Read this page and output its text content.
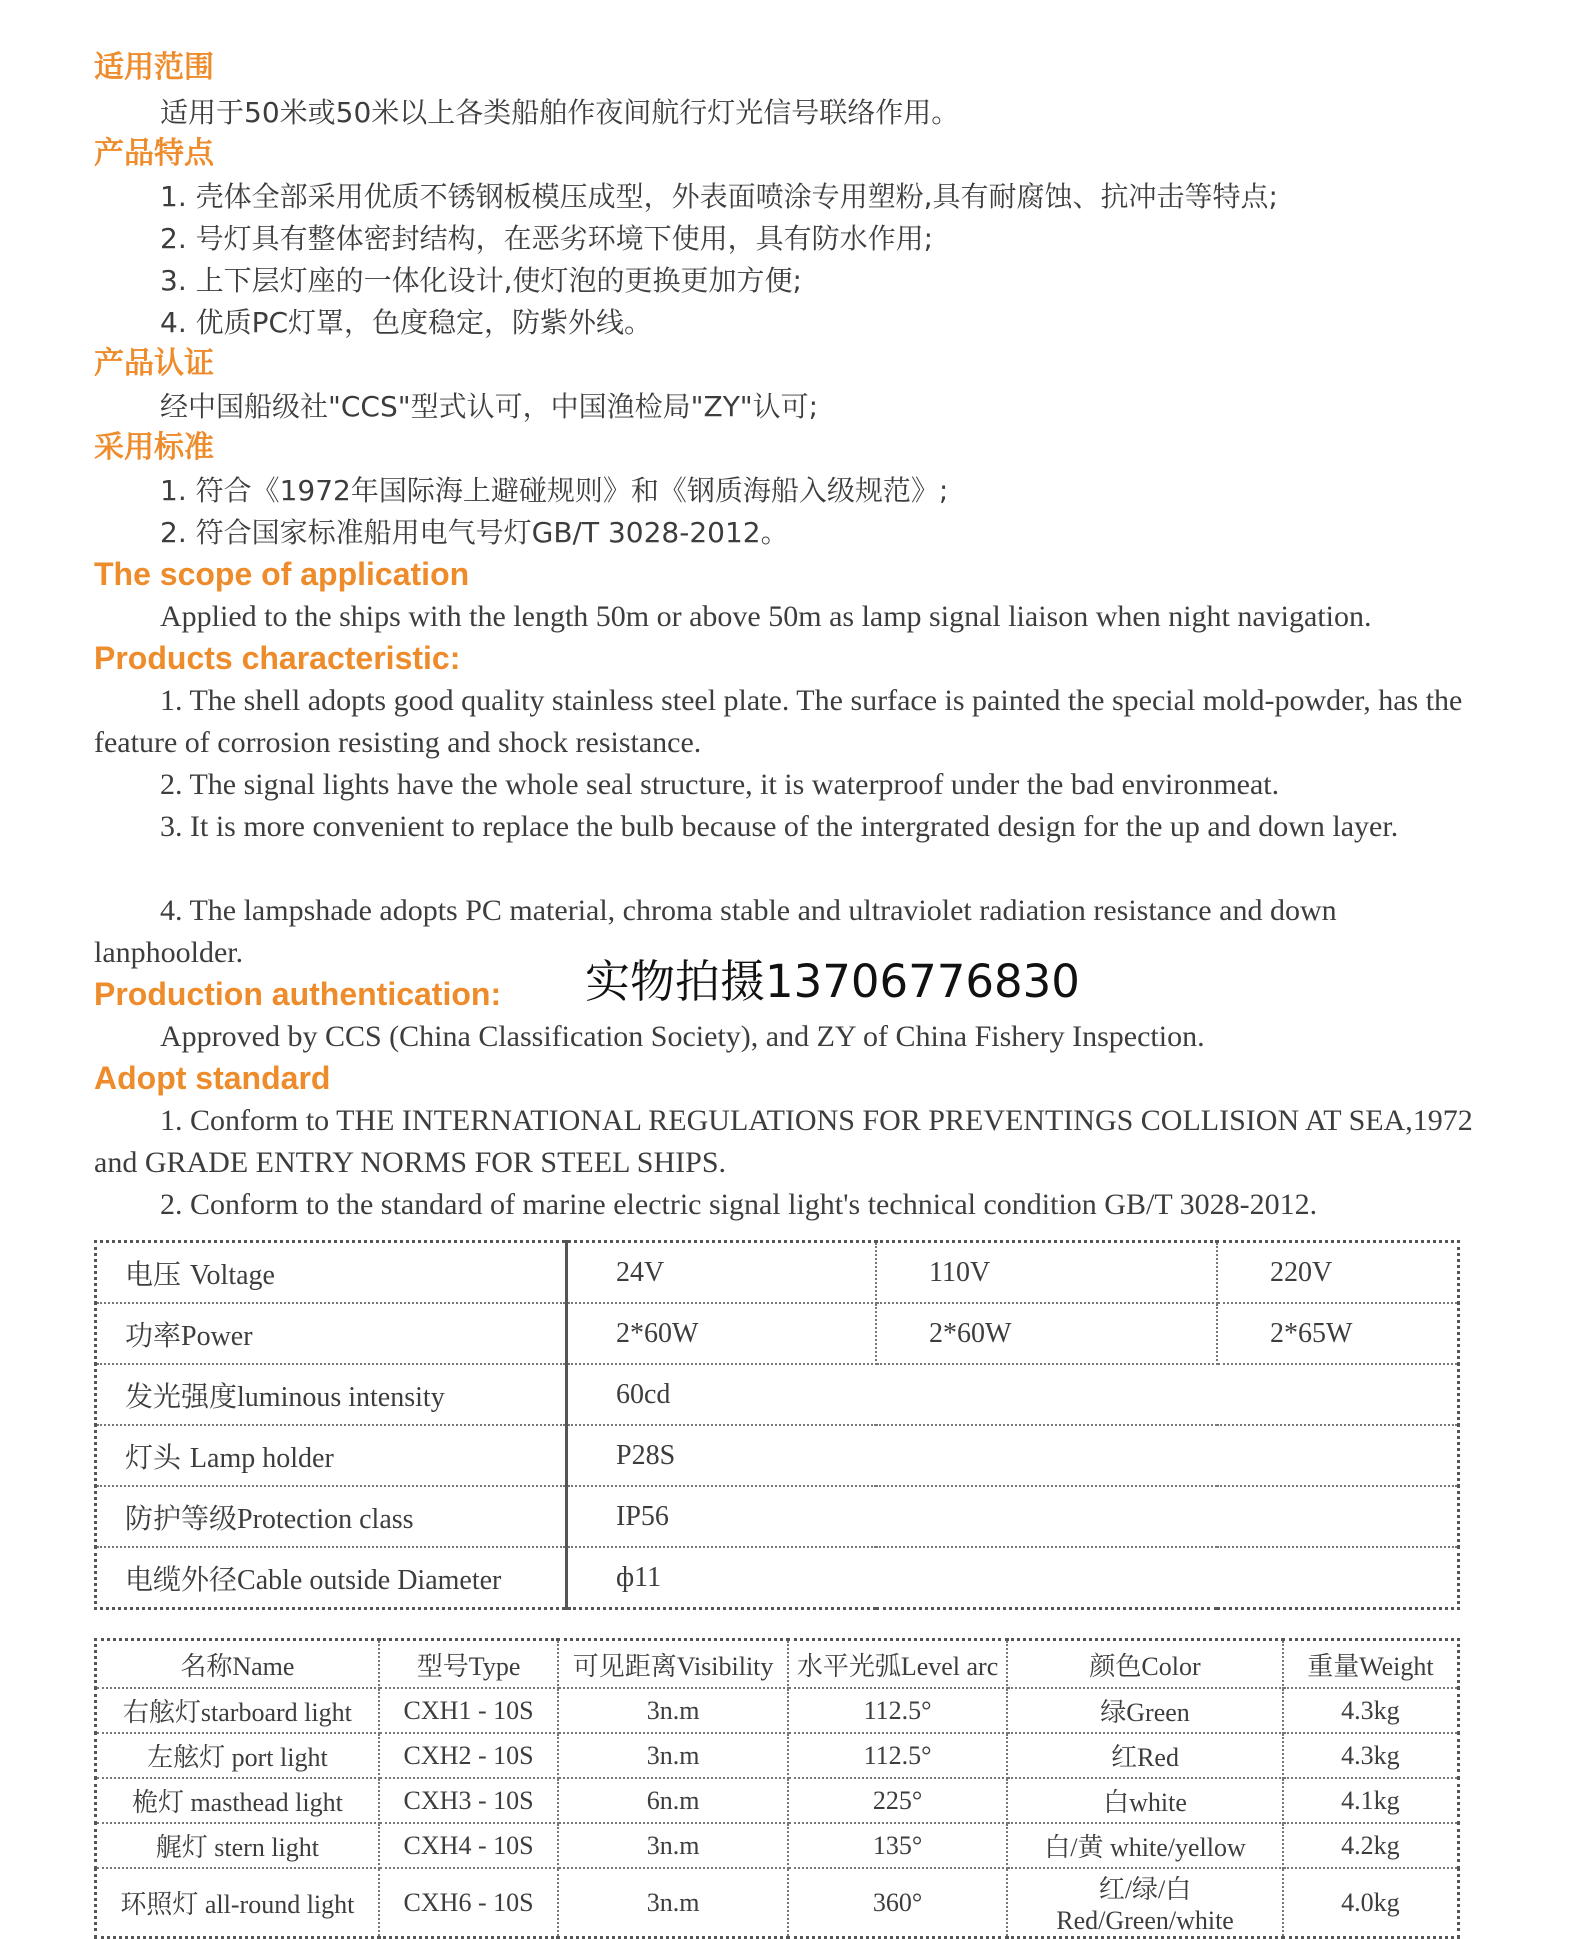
适用范围
适用于50米或50米以上各类船舶作夜间航行灯光信号联络作用。
产品特点
1. 壳体全部采用优质不锈钢板模压成型，外表面喷涂专用塑粉,具有耐腐蚀、抗冲击等特点;
2. 号灯具有整体密封结构，在恶劣环境下使用，具有防水作用;
3. 上下层灯座的一体化设计,使灯泡的更换更加方便;
4. 优质PC灯罩，色度稳定，防紫外线。
产品认证
经中国船级社"CCS"型式认可，中国渔检局"ZY"认可;
采用标准
1. 符合《1972年国际海上避碰规则》和《钢质海船入级规范》;
2. 符合国家标准船用电气号灯GB/T 3028-2012。
The scope of application
Applied to the ships with the length 50m or above 50m as lamp signal liaison when night navigation.
Products characteristic:
1. The shell adopts good quality stainless steel plate. The surface is painted the special mold-powder, has the feature of corrosion resisting and shock resistance.
2. The signal lights have the whole seal structure, it is waterproof under the bad environmeat.
3. It is more convenient to replace the bulb because of the intergrated design for the up and down layer.
4. The lampshade adopts PC material, chroma stable and ultraviolet radiation resistance and down lanphoolder.
Production authentication: 实物拍摄13706776830
Approved by CCS (China Classification Society), and ZY of China Fishery Inspection.
Adopt standard
1. Conform to THE INTERNATIONAL REGULATIONS FOR PREVENTINGS COLLISION AT SEA,1972 and GRADE ENTRY NORMS FOR STEEL SHIPS.
2. Conform to the standard of marine electric signal light's technical condition GB/T 3028-2012.
电压 Voltage	24V	110V	220V
功率Power	2*60W	2*60W	2*65W
发光强度luminous intensity	60cd		
灯头 Lamp holder	P28S		
防护等级Protection class	IP56		
电缆外径Cable outside Diameter	ф11		
名称Name	型号Type	可见距离Visibility	水平光弧Level arc	颜色Color	重量Weight
右舷灯starboard light	CXH1 - 10S	3n.m	112.5°	绿Green	4.3kg
左舷灯 port light	CXH2 - 10S	3n.m	112.5°	红Red	4.3kg
桅灯 masthead light	CXH3 - 10S	6n.m	225°	白white	4.1kg
艉灯 stern light	CXH4 - 10S	3n.m	135°	白/黄 white/yellow	4.2kg
环照灯 all-round light	CXH6 - 10S	3n.m	360°	红/绿/白 Red/Green/white	4.0kg
